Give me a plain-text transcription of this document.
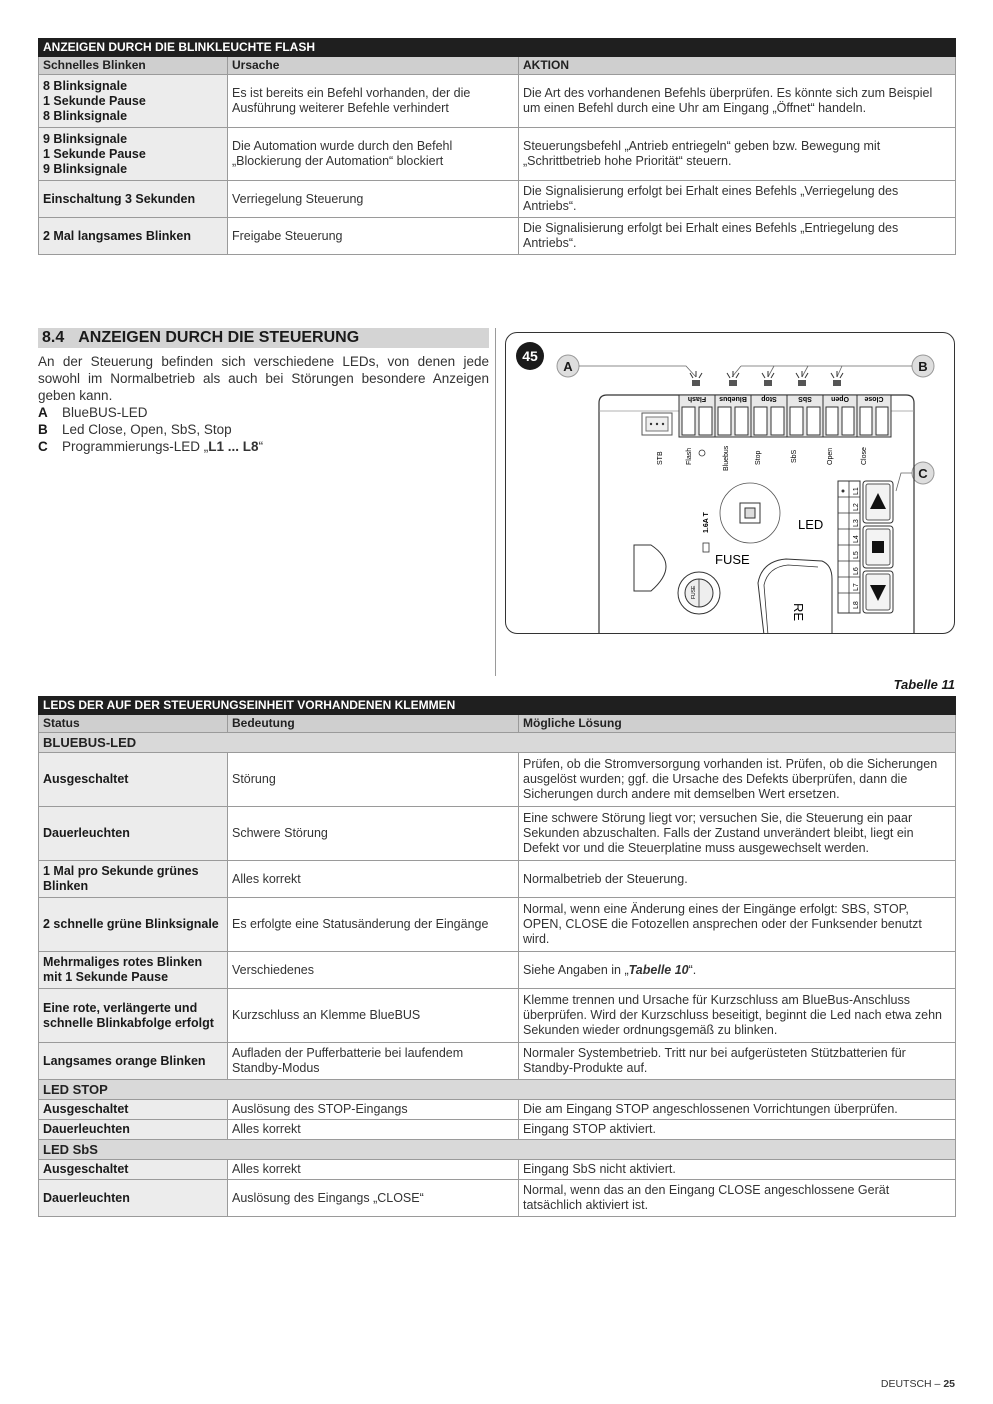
ANZEIGEN DURCH DIE BLINKLEUCHTE FLASH		
Schnelles Blinken	Ursache	AKTION
8 Blinksignale
1 Sekunde Pause
8 Blinksignale	Es ist bereits ein Befehl vorhanden, der die Ausführung weiterer Befehle verhindert	Die Art des vorhandenen Befehls überprüfen. Es könnte sich zum Beispiel um einen Befehl durch eine Uhr am Eingang „Öffnet“ handeln.
9 Blinksignale
1 Sekunde Pause
9 Blinksignale	Die Automation wurde durch den Befehl „Blockierung der Automation“ blockiert	Steuerungsbefehl „Antrieb entriegeln“ geben bzw. Bewegung mit „Schrittbetrieb hohe Priorität“ steuern.
Einschaltung 3 Sekunden	Verriegelung Steuerung	Die Signalisierung erfolgt bei Erhalt eines Befehls „Verriegelung des Antriebs“.
2 Mal langsames Blinken	Freigabe Steuerung	Die Signalisierung erfolgt bei Erhalt eines Befehls „Entriegelung des Antriebs“.
8.4 ANZEIGEN DURCH DIE STEUERUNG

An der Steuerung befinden sich verschiedene LEDs, von denen jede sowohl im Normalbetrieb als auch bei Störungen besondere Anzeigen geben kann.

A	BlueBUS-LED
B	Led Close, Open, SbS, Stop
C	Programmierungs-LED „L1 ... L8“
45
A	B
C
Flash Bluebus Stop	SbS	Open Close
STB	Flash	Bluebus	Stop	SbS	Open	Close
LED
FUSE
1.6A T
FUSE
RE
L1
L2
L3
L4
L5
L6
L7
L8
Tabelle 11
LEDS DER AUF DER STEUERUNGSEINHEIT VORHANDENEN KLEMMEN		
Status	Bedeutung	Mögliche Lösung
BLUEBUS-LED		
Ausgeschaltet	Störung	Prüfen, ob die Stromversorgung vorhanden ist. Prüfen, ob die Sicherungen ausgelöst wurden; ggf. die Ursache des Defekts überprüfen, dann die Sicherungen durch andere mit demselben Wert ersetzen.
Dauerleuchten	Schwere Störung	Eine schwere Störung liegt vor; versuchen Sie, die Steuerung ein paar Sekunden abzuschalten. Falls der Zustand unverändert bleibt, liegt ein Defekt vor und die Steuerplatine muss ausgewechselt werden.
1 Mal pro Sekunde grünes Blinken	Alles korrekt	Normalbetrieb der Steuerung.
2 schnelle grüne Blinksignale	Es erfolgte eine Statusänderung der Eingänge	Normal, wenn eine Änderung eines der Eingänge erfolgt: SBS, STOP, OPEN, CLOSE die Fotozellen ansprechen oder der Funksender benutzt wird.
Mehrmaliges rotes Blinken mit 1 Sekunde Pause	Verschiedenes	Siehe Angaben in „Tabelle 10“.
Eine rote, verlängerte und schnelle Blinkabfolge erfolgt	Kurzschluss an Klemme BlueBUS	Klemme trennen und Ursache für Kurzschluss am BlueBus-Anschluss überprüfen. Wird der Kurzschluss beseitigt, beginnt die Led nach etwa zehn Sekunden wieder ordnungsgemäß zu blinken.
Langsames orange Blinken	Aufladen der Pufferbatterie bei laufendem Standby-Modus	Normaler Systembetrieb. Tritt nur bei aufgerüsteten Stützbatterien für Standby-Produkte auf.
LED STOP		
Ausgeschaltet	Auslösung des STOP-Eingangs	Die am Eingang STOP angeschlossenen Vorrichtungen überprüfen.
Dauerleuchten	Alles korrekt	Eingang STOP aktiviert.
LED SbS		
Ausgeschaltet	Alles korrekt	Eingang SbS nicht aktiviert.
Dauerleuchten	Auslösung des Eingangs „CLOSE“	Normal, wenn das an den Eingang CLOSE angeschlossene Gerät tatsächlich aktiviert ist.
DEUTSCH – 25
